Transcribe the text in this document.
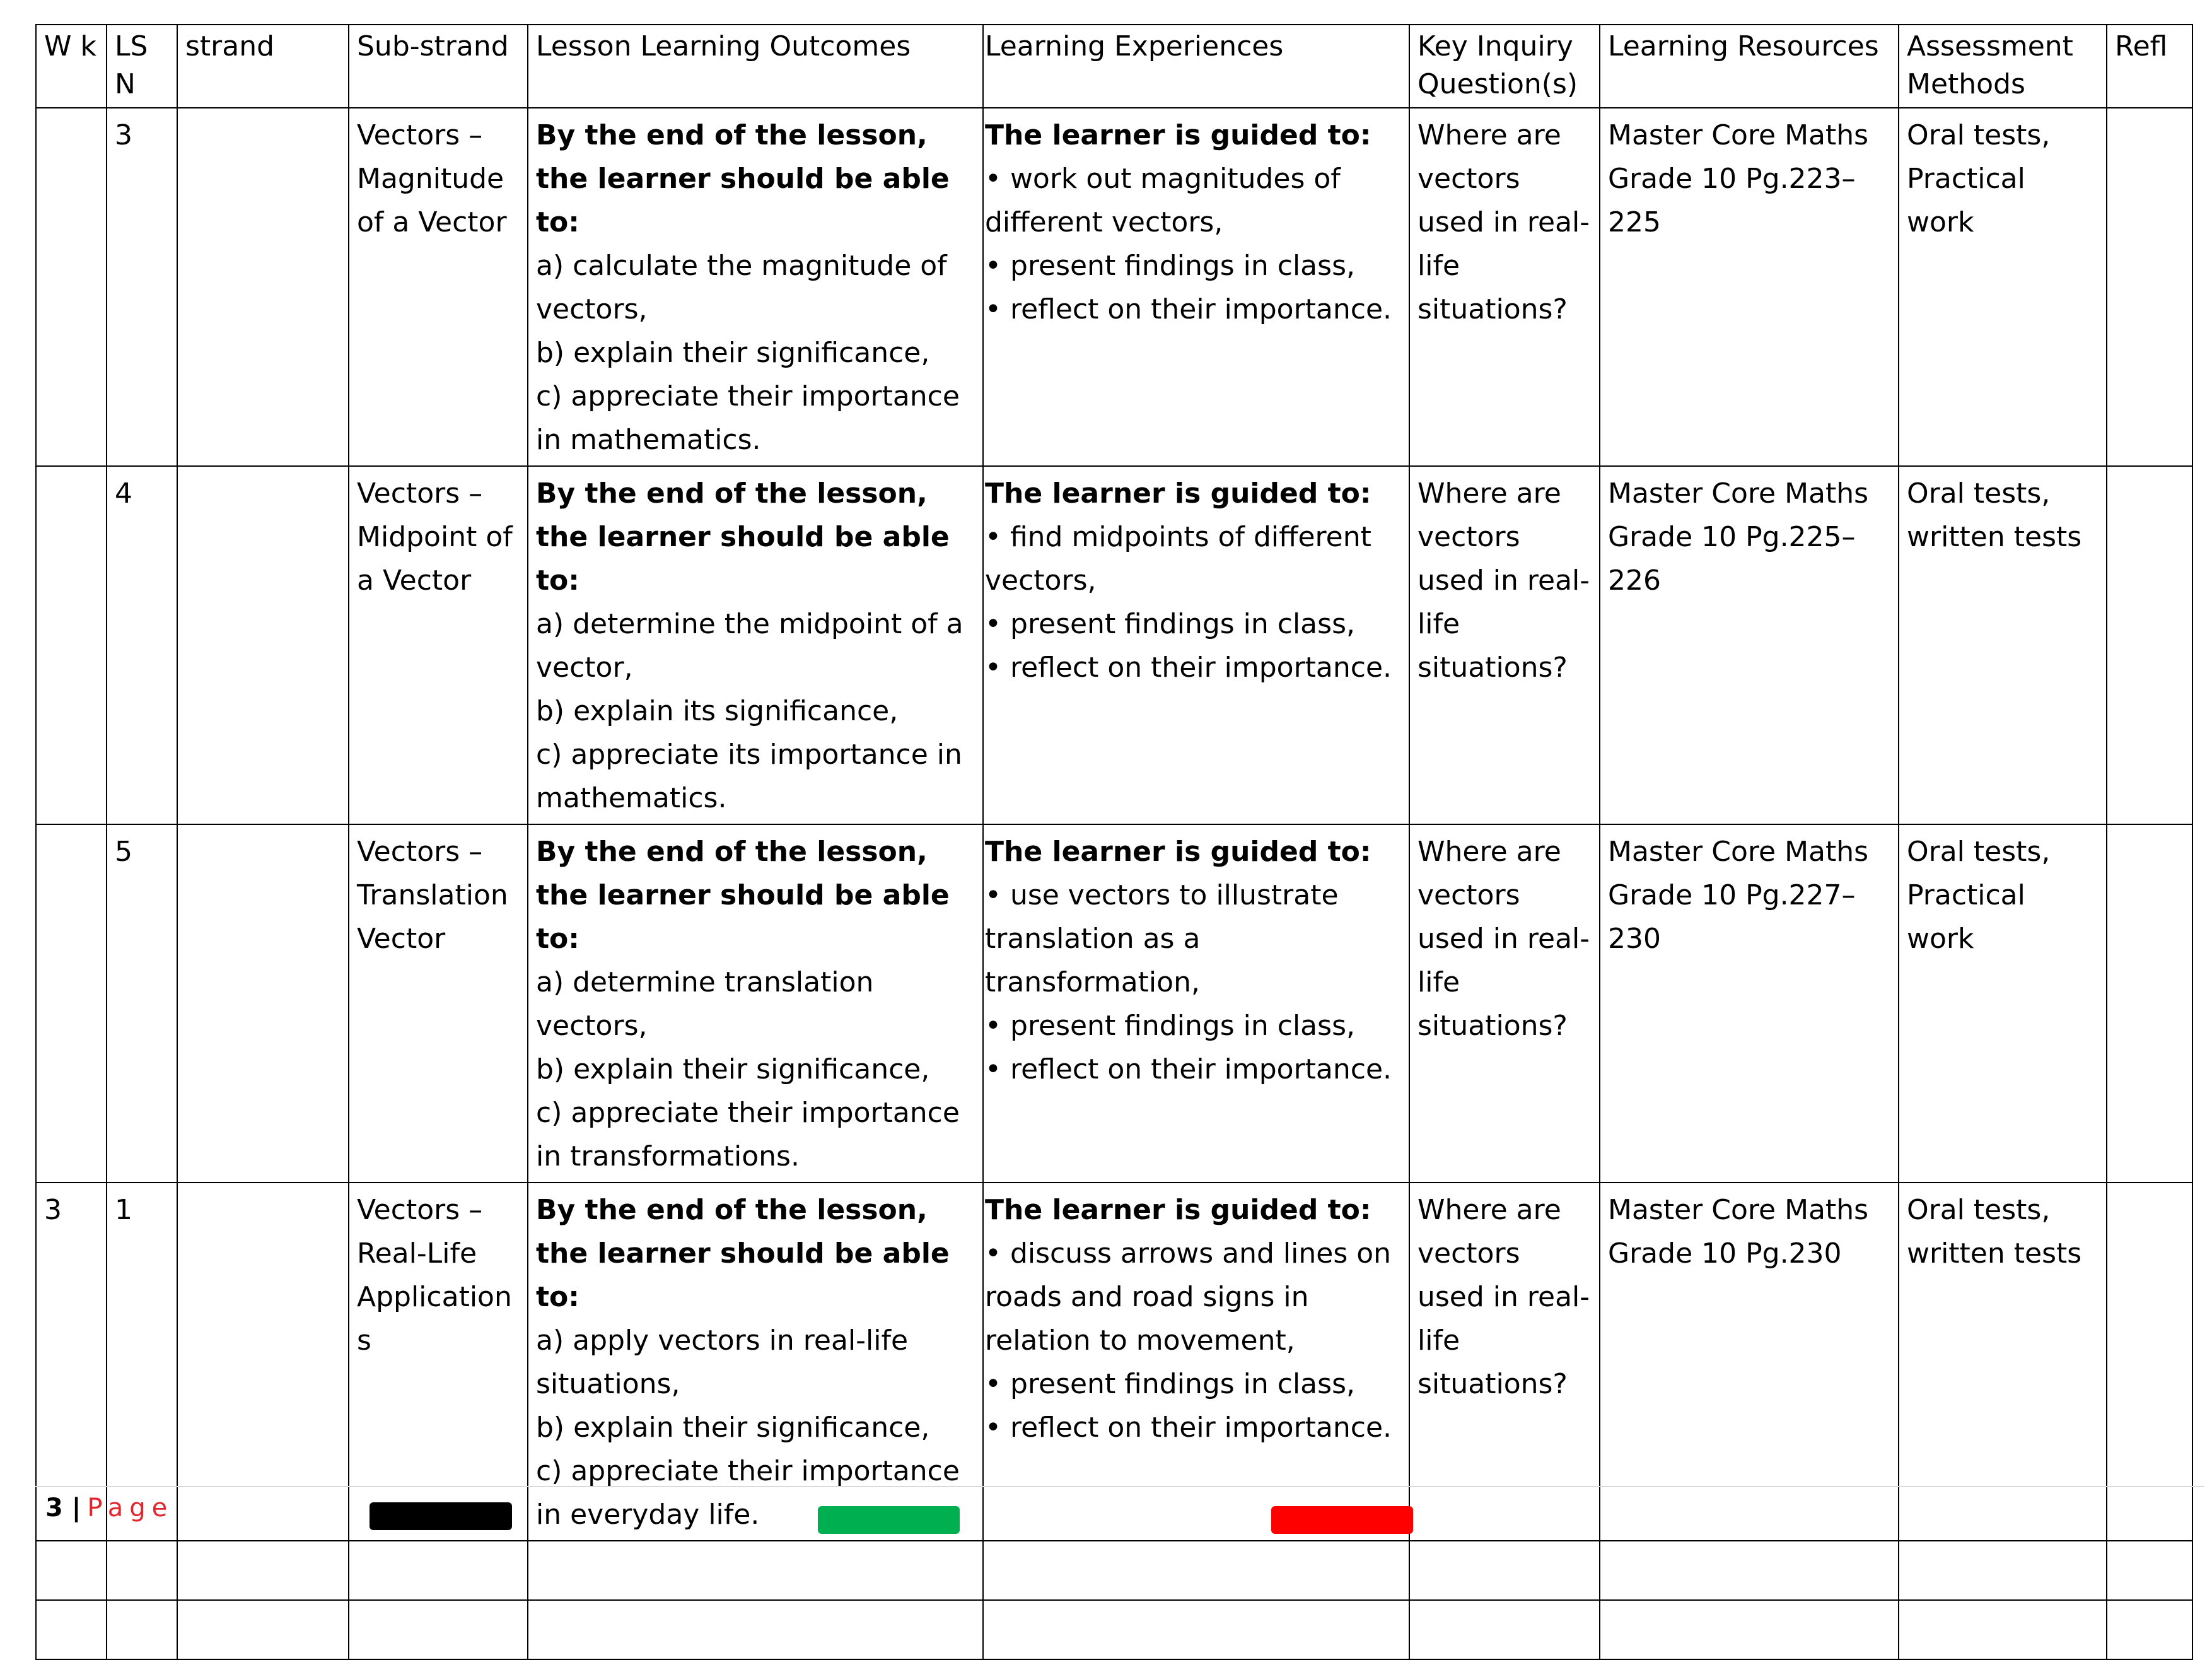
W k	LS N	strand	Sub-strand	Lesson Learning Outcomes	Learning Experiences	Key Inquiry Question(s)	Learning Resources	Assessment Methods	Refl
	3		Vectors – Magnitude of a Vector	By the end of the lesson, the learner should be able to:
a) calculate the magnitude of vectors,
b) explain their significance,
c) appreciate their importance in mathematics.	The learner is guided to:
• work out magnitudes of different vectors,
• present findings in class,
• reflect on their importance.	Where are vectors used in real-life situations?	Master Core Maths Grade 10 Pg.223–225	Oral tests, Practical work	
	4		Vectors – Midpoint of a Vector	By the end of the lesson, the learner should be able to:
a) determine the midpoint of a vector,
b) explain its significance,
c) appreciate its importance in mathematics.	The learner is guided to:
• find midpoints of different vectors,
• present findings in class,
• reflect on their importance.	Where are vectors used in real-life situations?	Master Core Maths Grade 10 Pg.225–226	Oral tests, written tests	
	5		Vectors – Translation Vector	By the end of the lesson, the learner should be able to:
a) determine translation vectors,
b) explain their significance,
c) appreciate their importance in transformations.	The learner is guided to:
• use vectors to illustrate translation as a transformation,
• present findings in class,
• reflect on their importance.	Where are vectors used in real-life situations?	Master Core Maths Grade 10 Pg.227–230	Oral tests, Practical work	
3	1		Vectors – Real-Life Applications	By the end of the lesson, the learner should be able to:
a) apply vectors in real-life situations,
b) explain their significance,
c) appreciate their importance in everyday life.	The learner is guided to:
• discuss arrows and lines on roads and road signs in relation to movement,
• present findings in class,
• reflect on their importance.	Where are vectors used in real-life situations?	Master Core Maths Grade 10 Pg.230	Oral tests, written tests	

3 | Page
